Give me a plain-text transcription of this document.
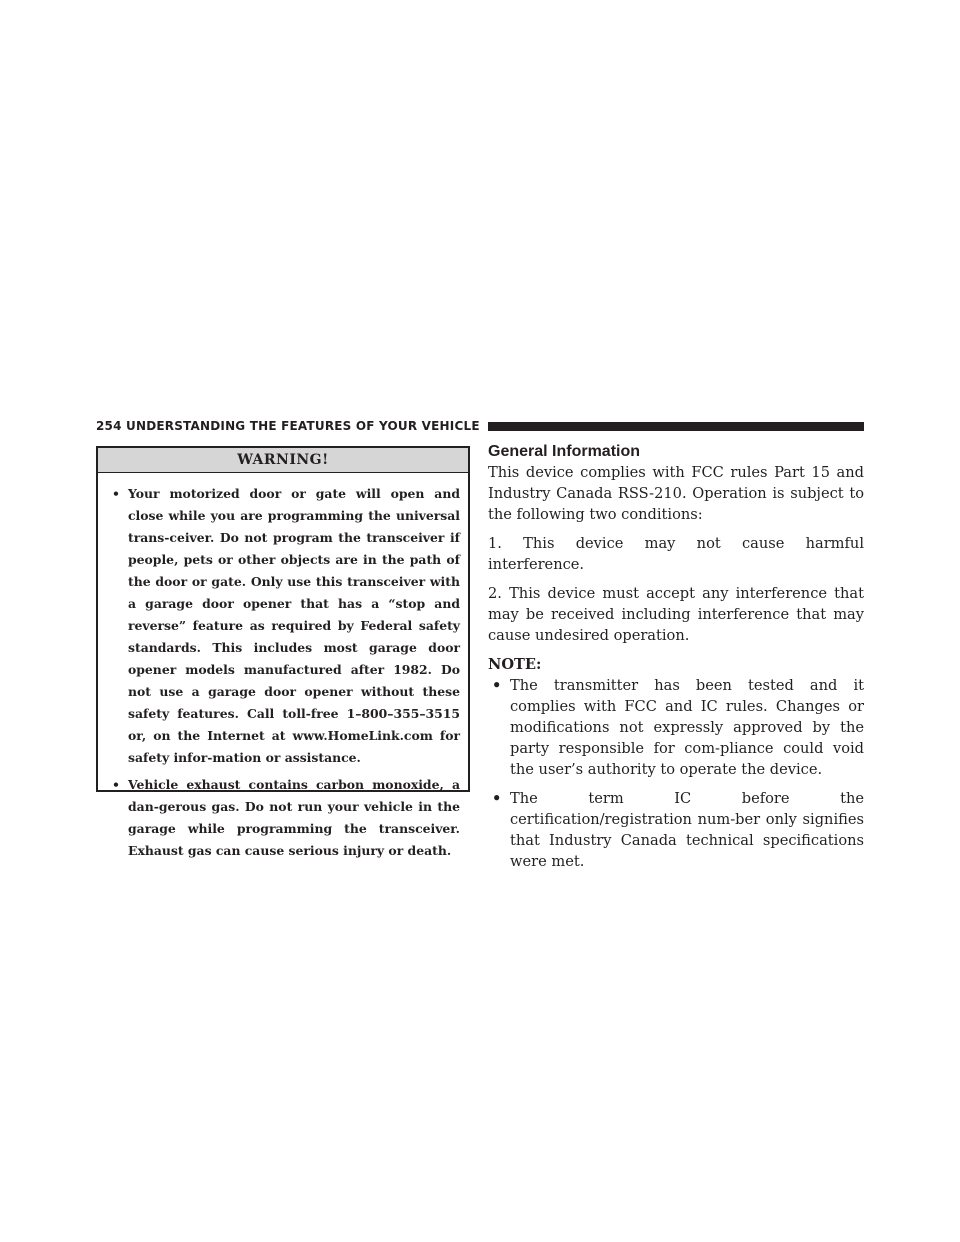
254 UNDERSTANDING THE FEATURES OF YOUR VEHICLE
WARNING!
• Your motorized door or gate will open and close while you are programming the universal trans-ceiver. Do not program the transceiver if people, pets or other objects are in the path of the door or gate. Only use this transceiver with a garage door opener that has a “stop and reverse” feature as required by Federal safety standards. This includes most garage door opener models manufactured after 1982. Do not use a garage door opener without these safety features. Call toll-free 1–800–355–3515 or, on the Internet at www.HomeLink.com for safety infor-mation or assistance.
• Vehicle exhaust contains carbon monoxide, a dan-gerous gas. Do not run your vehicle in the garage while programming the transceiver. Exhaust gas can cause serious injury or death.
General Information

This device complies with FCC rules Part 15 and Industry Canada RSS-210. Operation is subject to the following two conditions:

1. This device may not cause harmful interference.

2. This device must accept any interference that may be received including interference that may cause undesired operation.

NOTE:
• The transmitter has been tested and it complies with FCC and IC rules. Changes or modifications not expressly approved by the party responsible for com-pliance could void the user’s authority to operate the device.
• The term IC before the certification/registration num-ber only signifies that Industry Canada technical specifications were met.
